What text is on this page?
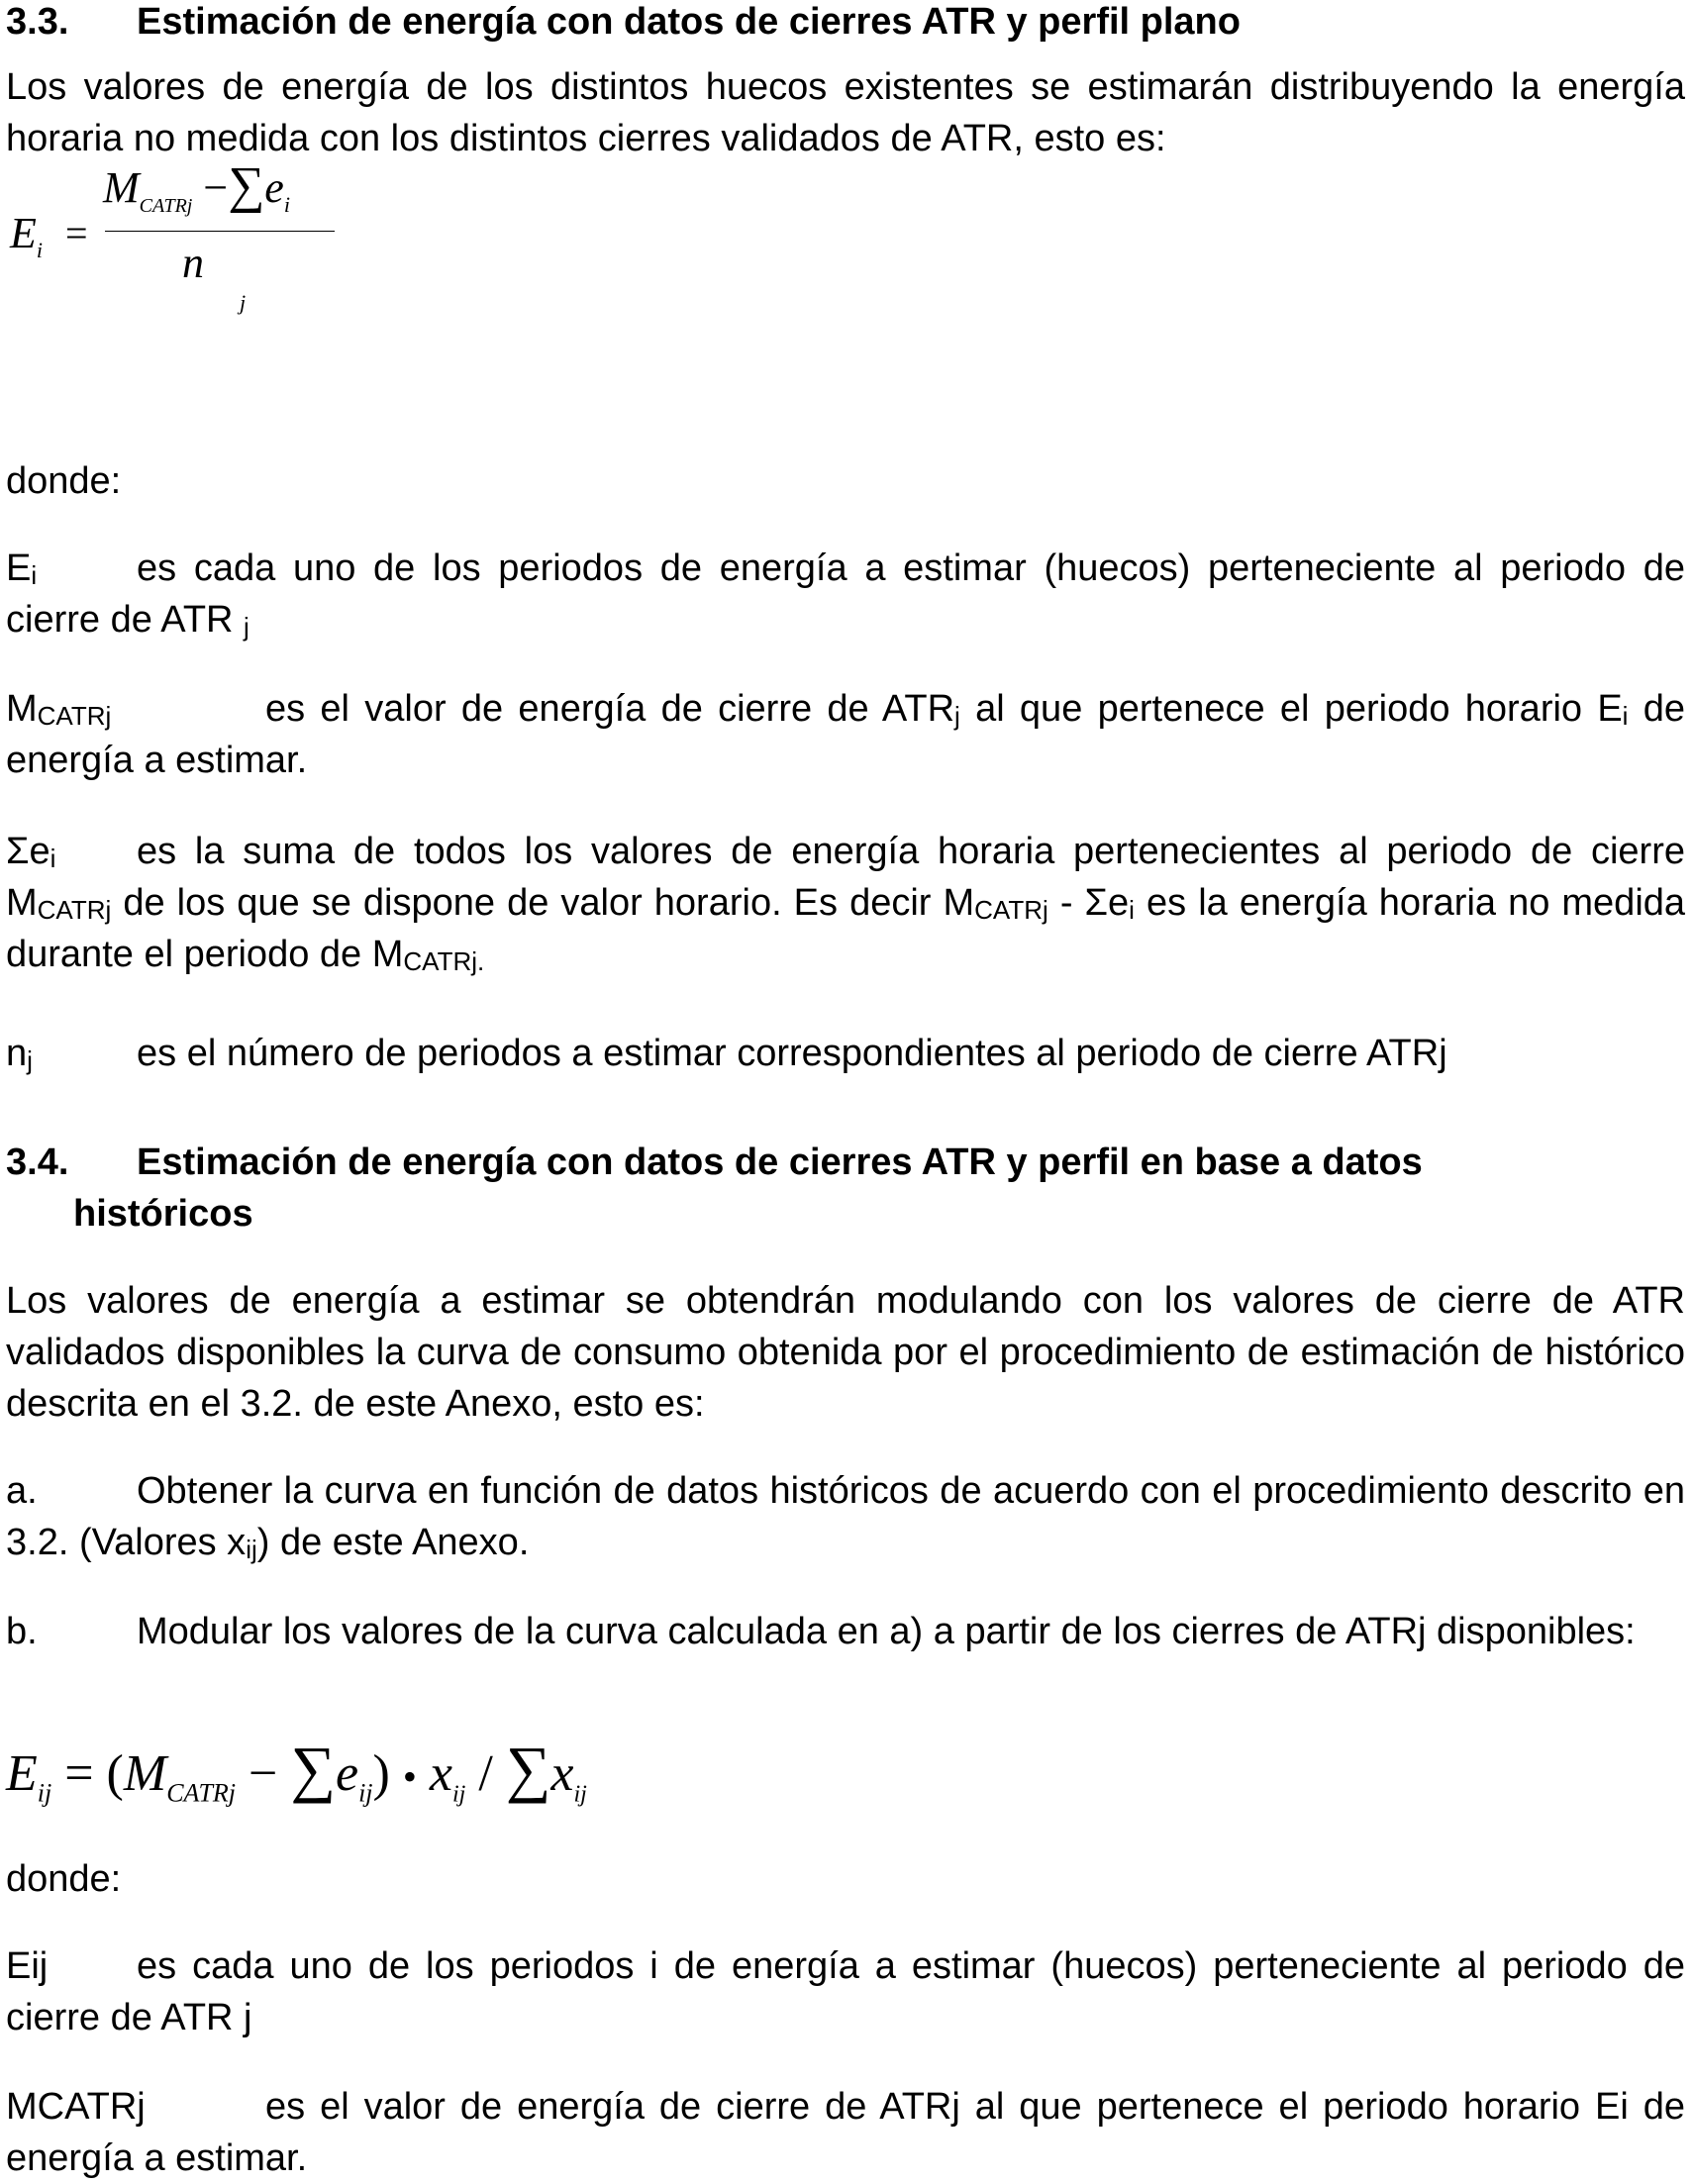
3.3. Estimación de energía con datos de cierres ATR y perfil plano
Los valores de energía de los distintos huecos existentes se estimarán distribuyendo la energía horaria no medida con los distintos cierres validados de ATR, esto es:
$E_i$ =
$M_{CATRj} -\sum e_i$
n
j
donde:
$E_i$	es cada uno de los periodos de energía a estimar (huecos) perteneciente al periodo de cierre de ATR $_j$
$M_{CATRj}$	es el valor de energía de cierre de $ATR_j$ al que pertenece el periodo horario $E_i$ de energía a estimar.
$\Sigma e_i$ es la suma de todos los valores de energía horaria pertenecientes al periodo de cierre $M_{CATRj}$ de los que se dispone de valor horario. Es decir $M_{CATRj} - \Sigma e_i$ es la energía horaria no medida durante el periodo de $M_{CATRj.}$
$n_j$	es el número de periodos a estimar correspondientes al periodo de cierre ATRj
3.4. Estimación de energía con datos de cierres ATR y perfil en base a datos
históricos
Los valores de energía a estimar se obtendrán modulando con los valores de cierre de ATR validados disponibles la curva de consumo obtenida por el procedimiento de estimación de histórico descrita en el 3.2. de este Anexo, esto es:
a.	Obtener la curva en función de datos históricos de acuerdo con el procedimiento descrito en 3.2. (Valores $x_{ij}$) de este Anexo.
b.	Modular los valores de la curva calculada en a) a partir de los cierres de ATRj disponibles:
$E_{ij} = (M_{CATRj} - \sum e_{ij})$ • $x_{ij} / \sum x_{ij}$
donde:
Eij es cada uno de los periodos i de energía a estimar (huecos) perteneciente al periodo de cierre de ATR j
MCATRj	es el valor de energía de cierre de ATRj al que pertenece el periodo horario Ei de energía a estimar.
